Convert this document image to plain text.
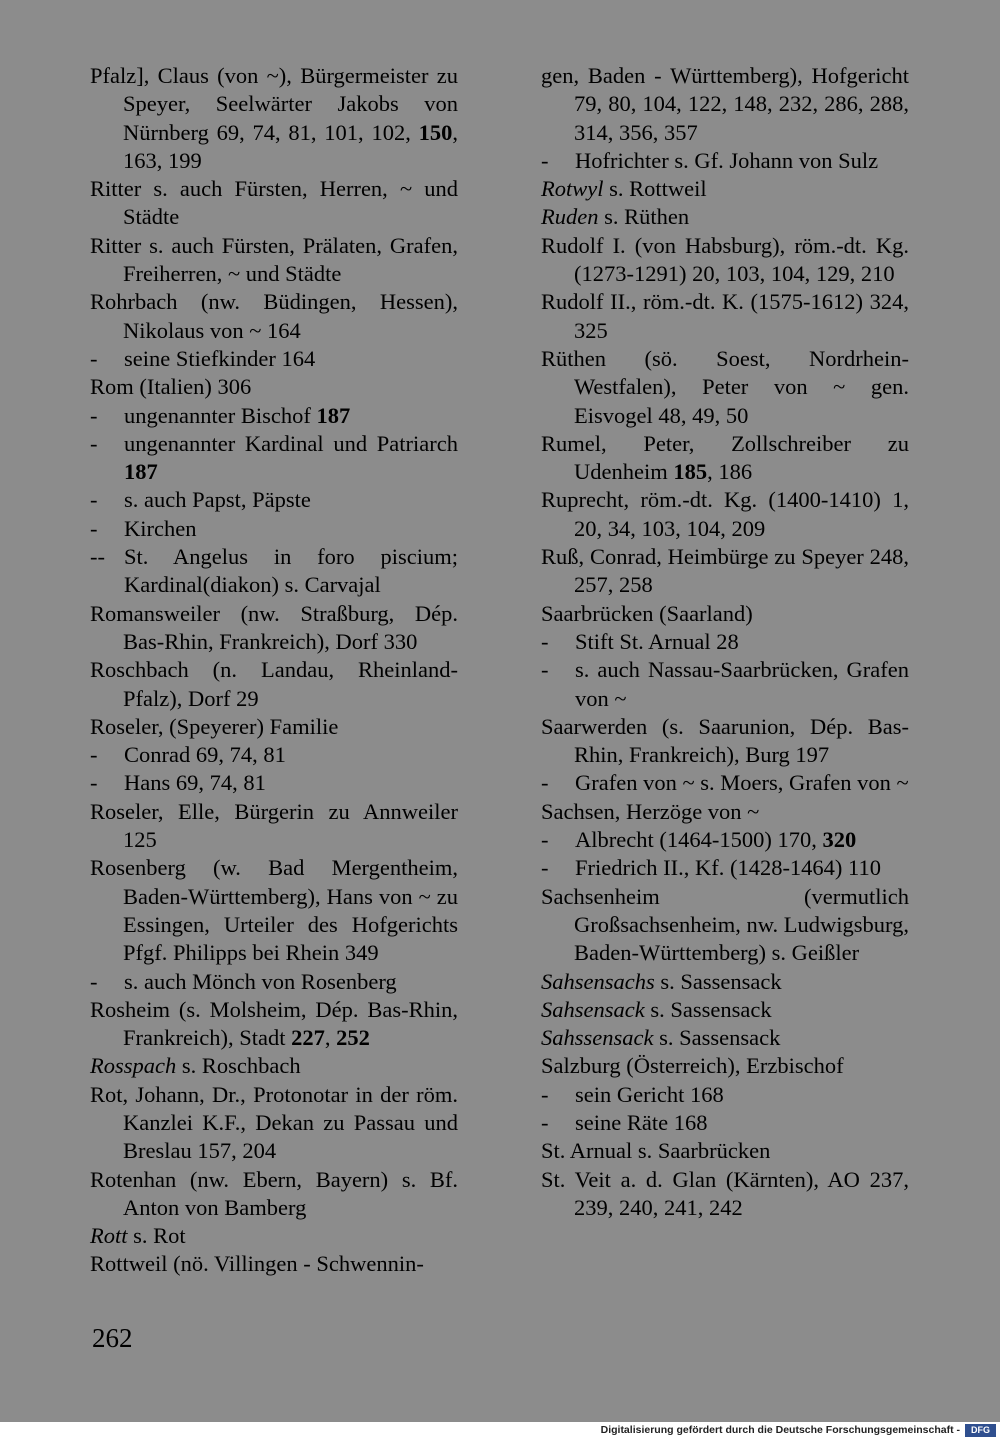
Pfalz], Claus (von ~), Bürgermeister zu Speyer, Seelwärter Jakobs von Nürnberg 69, 74, 81, 101, 102, 150, 163, 199
Ritter s. auch Fürsten, Herren, ~ und Städte
Ritter s. auch Fürsten, Prälaten, Grafen, Freiherren, ~ und Städte
Rohrbach (nw. Büdingen, Hessen), Nikolaus von ~ 164
- seine Stiefkinder 164
Rom (Italien) 306
- ungenannter Bischof 187
- ungenannter Kardinal und Patriarch 187
- s. auch Papst, Päpste
- Kirchen
-- St. Angelus in foro piscium; Kardinal(diakon) s. Carvajal
Romansweiler (nw. Straßburg, Dép. Bas-Rhin, Frankreich), Dorf 330
Roschbach (n. Landau, Rheinland-Pfalz), Dorf 29
Roseler, (Speyerer) Familie
- Conrad 69, 74, 81
- Hans 69, 74, 81
Roseler, Elle, Bürgerin zu Annweiler 125
Rosenberg (w. Bad Mergentheim, Baden-Württemberg), Hans von ~ zu Essingen, Urteiler des Hofgerichts Pfgf. Philipps bei Rhein 349
- s. auch Mönch von Rosenberg
Rosheim (s. Molsheim, Dép. Bas-Rhin, Frankreich), Stadt 227, 252
Rosspach s. Roschbach
Rot, Johann, Dr., Protonotar in der röm. Kanzlei K.F., Dekan zu Passau und Breslau 157, 204
Rotenhan (nw. Ebern, Bayern) s. Bf. Anton von Bamberg
Rott s. Rot
Rottweil (nö. Villingen - Schwennin-
gen, Baden - Württemberg), Hofgericht 79, 80, 104, 122, 148, 232, 286, 288, 314, 356, 357
- Hofrichter s. Gf. Johann von Sulz
Rotwyl s. Rottweil
Ruden s. Rüthen
Rudolf I. (von Habsburg), röm.-dt. Kg. (1273-1291) 20, 103, 104, 129, 210
Rudolf II., röm.-dt. K. (1575-1612) 324, 325
Rüthen (sö. Soest, Nordrhein-Westfalen), Peter von ~ gen. Eisvogel 48, 49, 50
Rumel, Peter, Zollschreiber zu Udenheim 185, 186
Ruprecht, röm.-dt. Kg. (1400-1410) 1, 20, 34, 103, 104, 209
Ruß, Conrad, Heimbürge zu Speyer 248, 257, 258
Saarbrücken (Saarland)
- Stift St. Arnual 28
- s. auch Nassau-Saarbrücken, Grafen von ~
Saarwerden (s. Saarunion, Dép. Bas-Rhin, Frankreich), Burg 197
- Grafen von ~ s. Moers, Grafen von ~
Sachsen, Herzöge von ~
- Albrecht (1464-1500) 170, 320
- Friedrich II., Kf. (1428-1464) 110
Sachsenheim (vermutlich Großsachsenheim, nw. Ludwigsburg, Baden-Württemberg) s. Geißler
Sahsensachs s. Sassensack
Sahsensack s. Sassensack
Sahssensack s. Sassensack
Salzburg (Österreich), Erzbischof
- sein Gericht 168
- seine Räte 168
St. Arnual s. Saarbrücken
St. Veit a. d. Glan (Kärnten), AO 237, 239, 240, 241, 242
262
Digitalisierung gefördert durch die Deutsche Forschungsgemeinschaft -	DFG
